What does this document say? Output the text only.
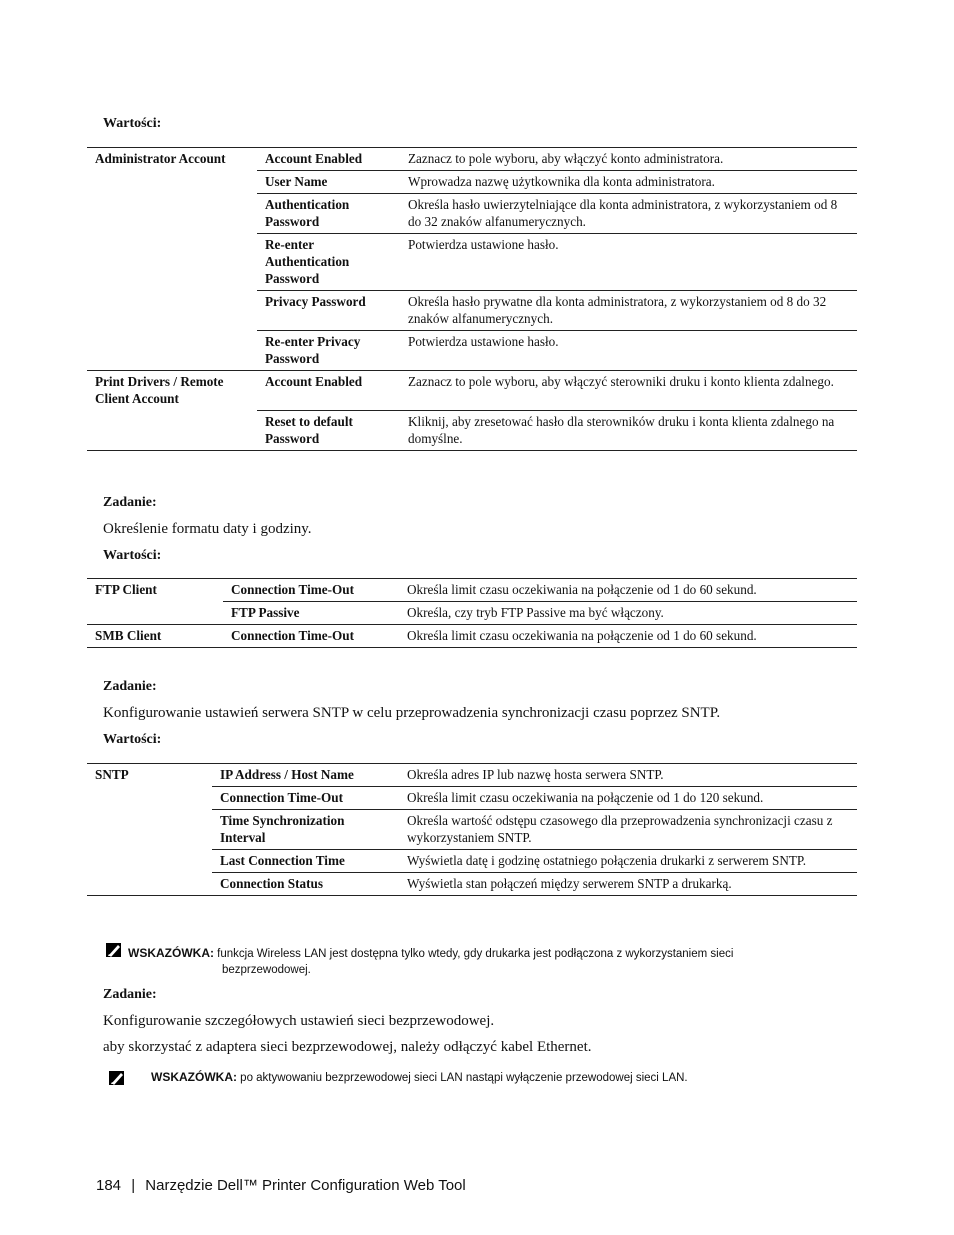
Wartości:
Administrator Account	Account Enabled	Zaznacz to pole wyboru, aby włączyć konto administratora.
	User Name	Wprowadza nazwę użytkownika dla konta administratora.
	Authentication Password	Określa hasło uwierzytelniające dla konta administratora, z wykorzystaniem od 8 do 32 znaków alfanumerycznych.
	Re-enter Authentication Password	Potwierdza ustawione hasło.
	Privacy Password	Określa hasło prywatne dla konta administratora, z wykorzystaniem od 8 do 32 znaków alfanumerycznych.
	Re-enter Privacy Password	Potwierdza ustawione hasło.
Print Drivers / Remote Client Account	Account Enabled	Zaznacz to pole wyboru, aby włączyć sterowniki druku i konto klienta zdalnego.
	Reset to default Password	Kliknij, aby zresetować hasło dla sterowników druku i konta klienta zdalnego na domyślne.
Zadanie:
Określenie formatu daty i godziny.
Wartości:
FTP Client	Connection Time-Out	Określa limit czasu oczekiwania na połączenie od 1 do 60 sekund.
	FTP Passive	Określa, czy tryb FTP Passive ma być włączony.
SMB Client	Connection Time-Out	Określa limit czasu oczekiwania na połączenie od 1 do 60 sekund.
Zadanie:
Konfigurowanie ustawień serwera SNTP w celu przeprowadzenia synchronizacji czasu poprzez SNTP.
Wartości:
SNTP	IP Address / Host Name	Określa adres IP lub nazwę hosta serwera SNTP.
	Connection Time-Out	Określa limit czasu oczekiwania na połączenie od 1 do 120 sekund.
	Time Synchronization Interval	Określa wartość odstępu czasowego dla przeprowadzenia synchronizacji czasu z wykorzystaniem SNTP.
	Last Connection Time	Wyświetla datę i godzinę ostatniego połączenia drukarki z serwerem SNTP.
	Connection Status	Wyświetla stan połączeń między serwerem SNTP a drukarką.
WSKAZÓWKA: funkcja Wireless LAN jest dostępna tylko wtedy, gdy drukarka jest podłączona z wykorzystaniem sieci
bezprzewodowej.
Zadanie:
Konfigurowanie szczegółowych ustawień sieci bezprzewodowej.
aby skorzystać z adaptera sieci bezprzewodowej, należy odłączyć kabel Ethernet.
WSKAZÓWKA: po aktywowaniu bezprzewodowej sieci LAN nastąpi wyłączenie przewodowej sieci LAN.
184 | Narzędzie Dell™ Printer Configuration Web Tool
